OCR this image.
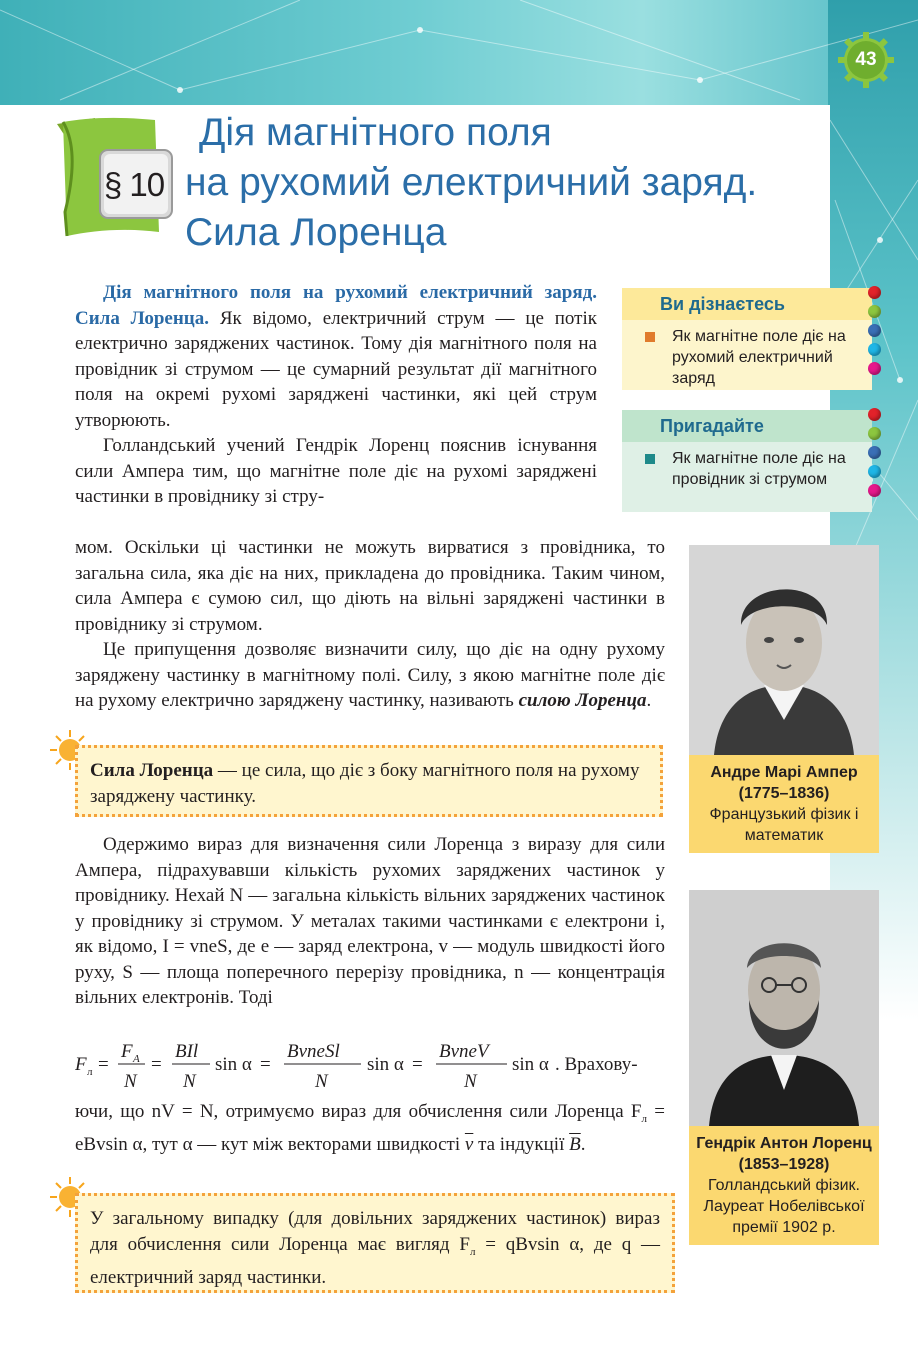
43
§ 10
Дія магнітного поля
на рухомий електричний заряд.
Сила Лоренца
Ви дізнаєтесь
Як магнітне поле діє на рухомий електричний заряд
Пригадайте
Як магнітне поле діє на провідник зі струмом

Дія магнітного поля на рухомий електричний заряд. Сила Лоренца. Як відомо, електричний струм — це потік електрично заряджених частинок. Тому дія магнітного поля на провідник зі струмом — це сумарний результат дії магнітного поля на окремі рухомі заряджені частинки, які цей струм утворюють.

Голландський учений Гендрік Лоренц пояснив існування сили Ампера тим, що магнітне поле діє на рухомі заряджені частинки в провіднику зі стру-

мом. Оскільки ці частинки не можуть вирватися з провідника, то загальна сила, яка діє на них, прикладена до провідника. Таким чином, сила Ампера є сумою сил, що діють на вільні заряджені частинки в провіднику зі струмом.

Це припущення дозволяє визначити силу, що діє на одну рухому заряджену частинку в магнітному полі. Силу, з якою магнітне поле діє на рухому електрично заряджену частинку, називають силою Лоренца.

Сила Лоренца — це сила, що діє з боку магнітного поля на рухому заряджену частинку.

Одержимо вираз для визначення сили Лоренца з виразу для сили Ампера, підрахувавши кількість рухомих заряджених частинок у провіднику. Нехай N — загальна кількість вільних заряджених частинок у провіднику зі струмом. У металах такими частинками є електрони і, як відомо, I = vneS, де e — заряд електрона, v — модуль швидкості його руху, S — площа поперечного перерізу провідника, n — концентрація вільних електронів. Тоді

F л =
F A
N
=
BIl
N
sin α =
BvneSl
N
sin α =
BvneV
N
sin α . Врахову-

ючи, що nV = N, отримуємо вираз для обчислення сили Лоренца $F_л = eBvsin$ α, тут α — кут між векторами швидкості $\overline{v}$ та індукції $\overline{B}$.

У загальному випадку (для довільних заряджених частинок) вираз для обчислення сили Лоренца має вигляд $F_л = qBvsin$ α, де q — електричний заряд частинки.
Андре Марі Ампер
(1775–1836)
Французький фізик і математик
Гендрік Антон Лоренц
(1853–1928)
Голландський фізик. Лауреат Нобелівської премії 1902 р.
